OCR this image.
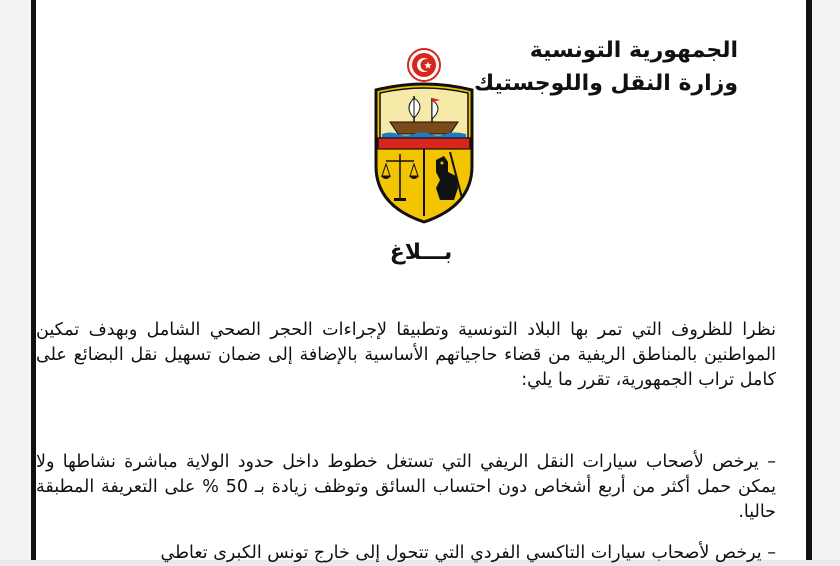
الجمهورية التونسية
وزارة النقل واللوجستيك
بـــلاغ
نظرا للظروف التي تمر بها البلاد التونسية وتطبيقا لإجراءات الحجر الصحي الشامل وبهدف تمكين المواطنين بالمناطق الريفية من قضاء حاجياتهم الأساسية بالإضافة إلى ضمان تسهيل نقل البضائع على كامل تراب الجمهورية، تقرر ما يلي:
– يرخص لأصحاب سيارات النقل الريفي التي تستغل خطوط داخل حدود الولاية مباشرة نشاطها ولا يمكن حمل أكثر من أربع أشخاص دون احتساب السائق وتوظف زيادة بـ 50 % على التعريفة المطبقة حاليا.
– يرخص لأصحاب سيارات التاكسي الفردي التي تتحول إلى خارج تونس الكبرى تعاطي
